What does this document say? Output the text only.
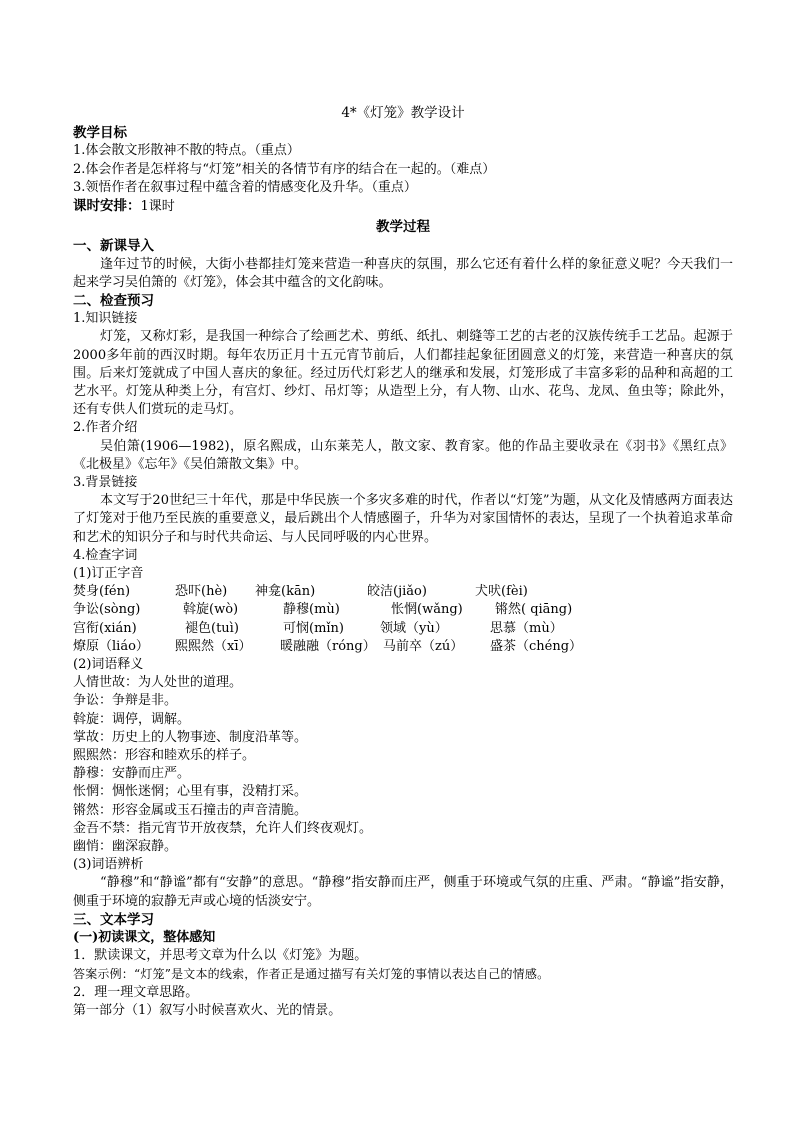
4*《灯笼》教学设计

教学目标

1.体会散文形散神不散的特点。（重点）

2.体会作者是怎样将与“灯笼”相关的各情节有序的结合在一起的。（难点）

3.领悟作者在叙事过程中蕴含着的情感变化及升华。（重点）

课时安排：1课时

教学过程
一、新课导入

逢年过节的时候，大街小巷都挂灯笼来营造一种喜庆的氛围，那么它还有着什么样的象征意义呢？今天我们一起来学习吴伯箫的《灯笼》，体会其中蕴含的文化韵味。

二、检查预习

1.知识链接

灯笼，又称灯彩，是我国一种综合了绘画艺术、剪纸、纸扎、刺缝等工艺的古老的汉族传统手工艺品。起源于2000多年前的西汉时期。每年农历正月十五元宵节前后，人们都挂起象征团圆意义的灯笼，来营造一种喜庆的氛围。后来灯笼就成了中国人喜庆的象征。经过历代灯彩艺人的继承和发展，灯笼形成了丰富多彩的品种和高超的工艺水平。灯笼从种类上分，有宫灯、纱灯、吊灯等；从造型上分，有人物、山水、花鸟、龙凤、鱼虫等；除此外，还有专供人们赏玩的走马灯。

2.作者介绍

吴伯箫(1906—1982)，原名熙成，山东莱芜人，散文家、教育家。他的作品主要收录在《羽书》《黑红点》《北极星》《忘年》《吴伯箫散文集》中。

3.背景链接

本文写于20世纪三十年代，那是中华民族一个多灾多难的时代，作者以“灯笼”为题，从文化及情感两方面表达了灯笼对于他乃至民族的重要意义，最后跳出个人情感圈子，升华为对家国情怀的表达，呈现了一个执着追求革命和艺术的知识分子和与时代共命运、与人民同呼吸的内心世界。

4.检查字词

(1)订正字音

焚身(fén)	恐吓(hè)	神龛(kān)	皎洁(jiǎo)	犬吠(fèi)
争讼(sòng)	斡旋(wò)	静穆(mù)	怅惘(wǎng)	锵然( qiāng)
宫衔(xián)	褪色(tuì)	可悯(mǐn)	领域（yù）	思慕（mù）
燎原（liáo）	熙熙然（xī）	暖融融（róng） 马前卒（zú）	盛茶（chéng）

(2)词语释义

人情世故：为人处世的道理。

争讼：争辩是非。

斡旋：调停，调解。

掌故：历史上的人物事迹、制度沿革等。

熙熙然：形容和睦欢乐的样子。

静穆：安静而庄严。

怅惘：惆怅迷惘；心里有事，没精打采。

锵然：形容金属或玉石撞击的声音清脆。

金吾不禁：指元宵节开放夜禁，允许人们终夜观灯。

幽悄：幽深寂静。

(3)词语辨析

“静穆”和“静谧”都有“安静”的意思。“静穆”指安静而庄严，侧重于环境或气氛的庄重、严肃。“静谧”指安静，侧重于环境的寂静无声或心境的恬淡安宁。

三、文本学习

(一)初读课文，整体感知

1．默读课文，并思考文章为什么以《灯笼》为题。

答案示例：“灯笼”是文本的线索，作者正是通过描写有关灯笼的事情以表达自己的情感。

2．理一理文章思路。

第一部分（1）叙写小时候喜欢火、光的情景。
